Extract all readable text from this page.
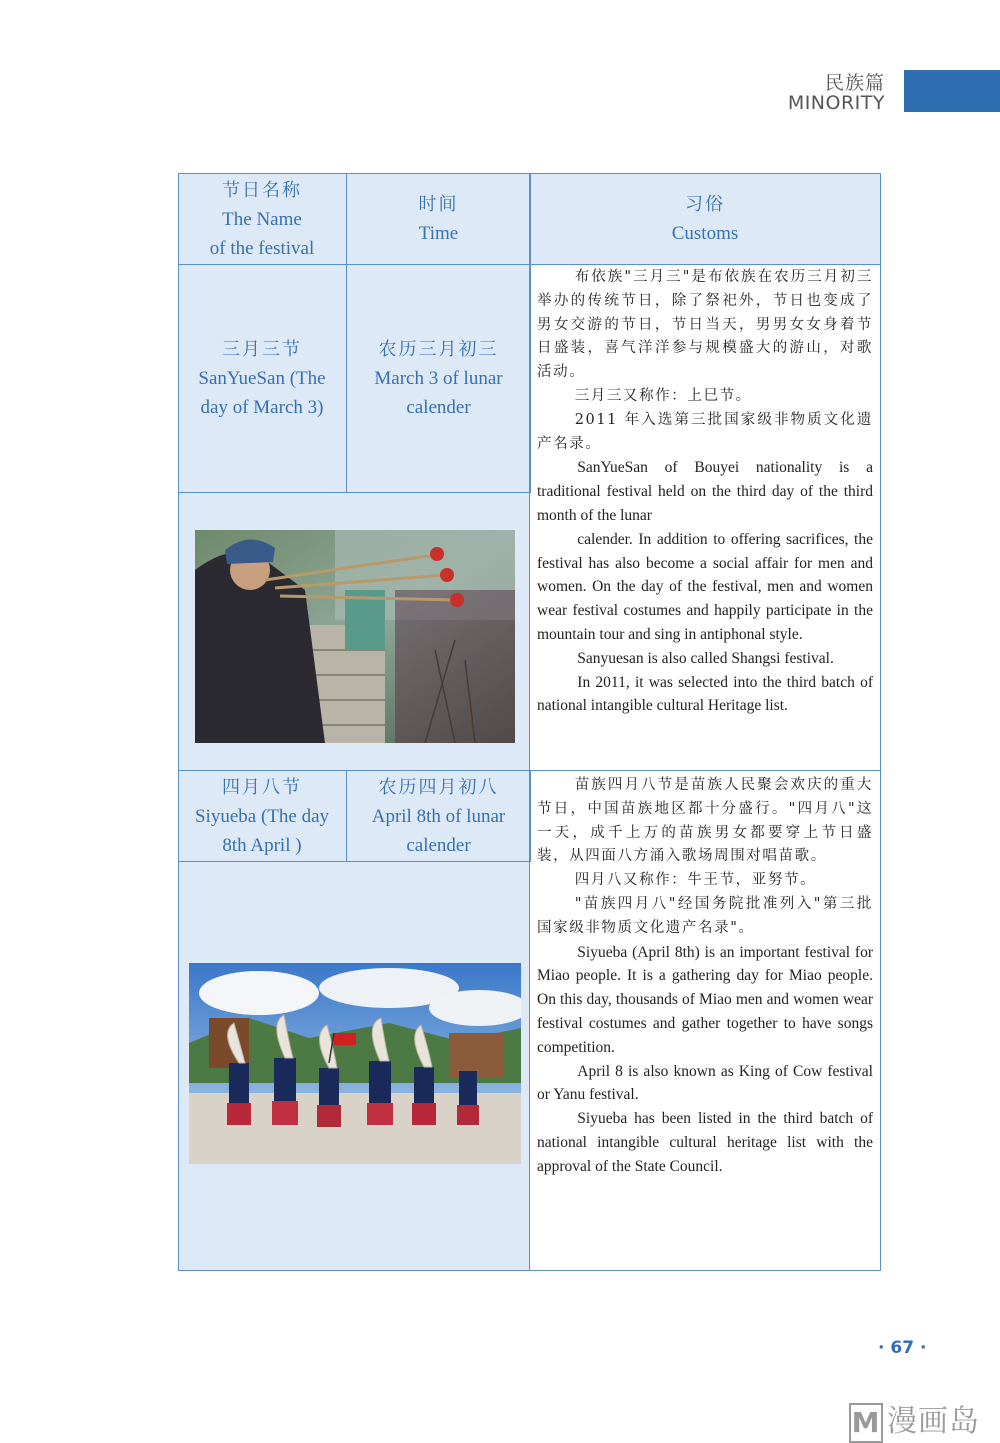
民族篇
MINORITY
节日名称
The Name
of the festival
时间
Time
习俗
Customs
三月三节
SanYueSan (The
day of March 3)
农历三月初三
March 3 of lunar
calender

布依族"三月三"是布依族在农历三月初三举办的传统节日，除了祭祀外，节日也变成了男女交游的节日，节日当天，男男女女身着节日盛装，喜气洋洋参与规模盛大的游山，对歌活动。

三月三又称作：上巳节。

2011 年入选第三批国家级非物质文化遗产名录。

SanYueSan of Bouyei nationality is a traditional festival held on the third day of the third month of the lunar

calender. In addition to offering sacrifices, the festival has also become a social affair for men and women. On the day of the festival, men and women wear festival costumes and happily participate in the mountain tour and sing in antiphonal style.

Sanyuesan is also called Shangsi festival.

In 2011, it was selected into the third batch of national intangible cultural Heritage list.

四月八节
Siyueba (The day
8th April )
农历四月初八
April 8th of lunar
calender

苗族四月八节是苗族人民聚会欢庆的重大节日，中国苗族地区都十分盛行。"四月八"这一天，成千上万的苗族男女都要穿上节日盛装，从四面八方涌入歌场周围对唱苗歌。

四月八又称作：牛王节，亚努节。

"苗族四月八"经国务院批准列入"第三批国家级非物质文化遗产名录"。

Siyueba (April 8th) is an important festival for Miao people. It is a gathering day for Miao people. On this day, thousands of Miao men and women wear festival costumes and gather together to have songs competition.

April 8 is also known as King of Cow festival or Yanu festival.

Siyueba has been listed in the third batch of national intangible cultural heritage list with the approval of the State Council.

· 67 ·
M 漫画岛
